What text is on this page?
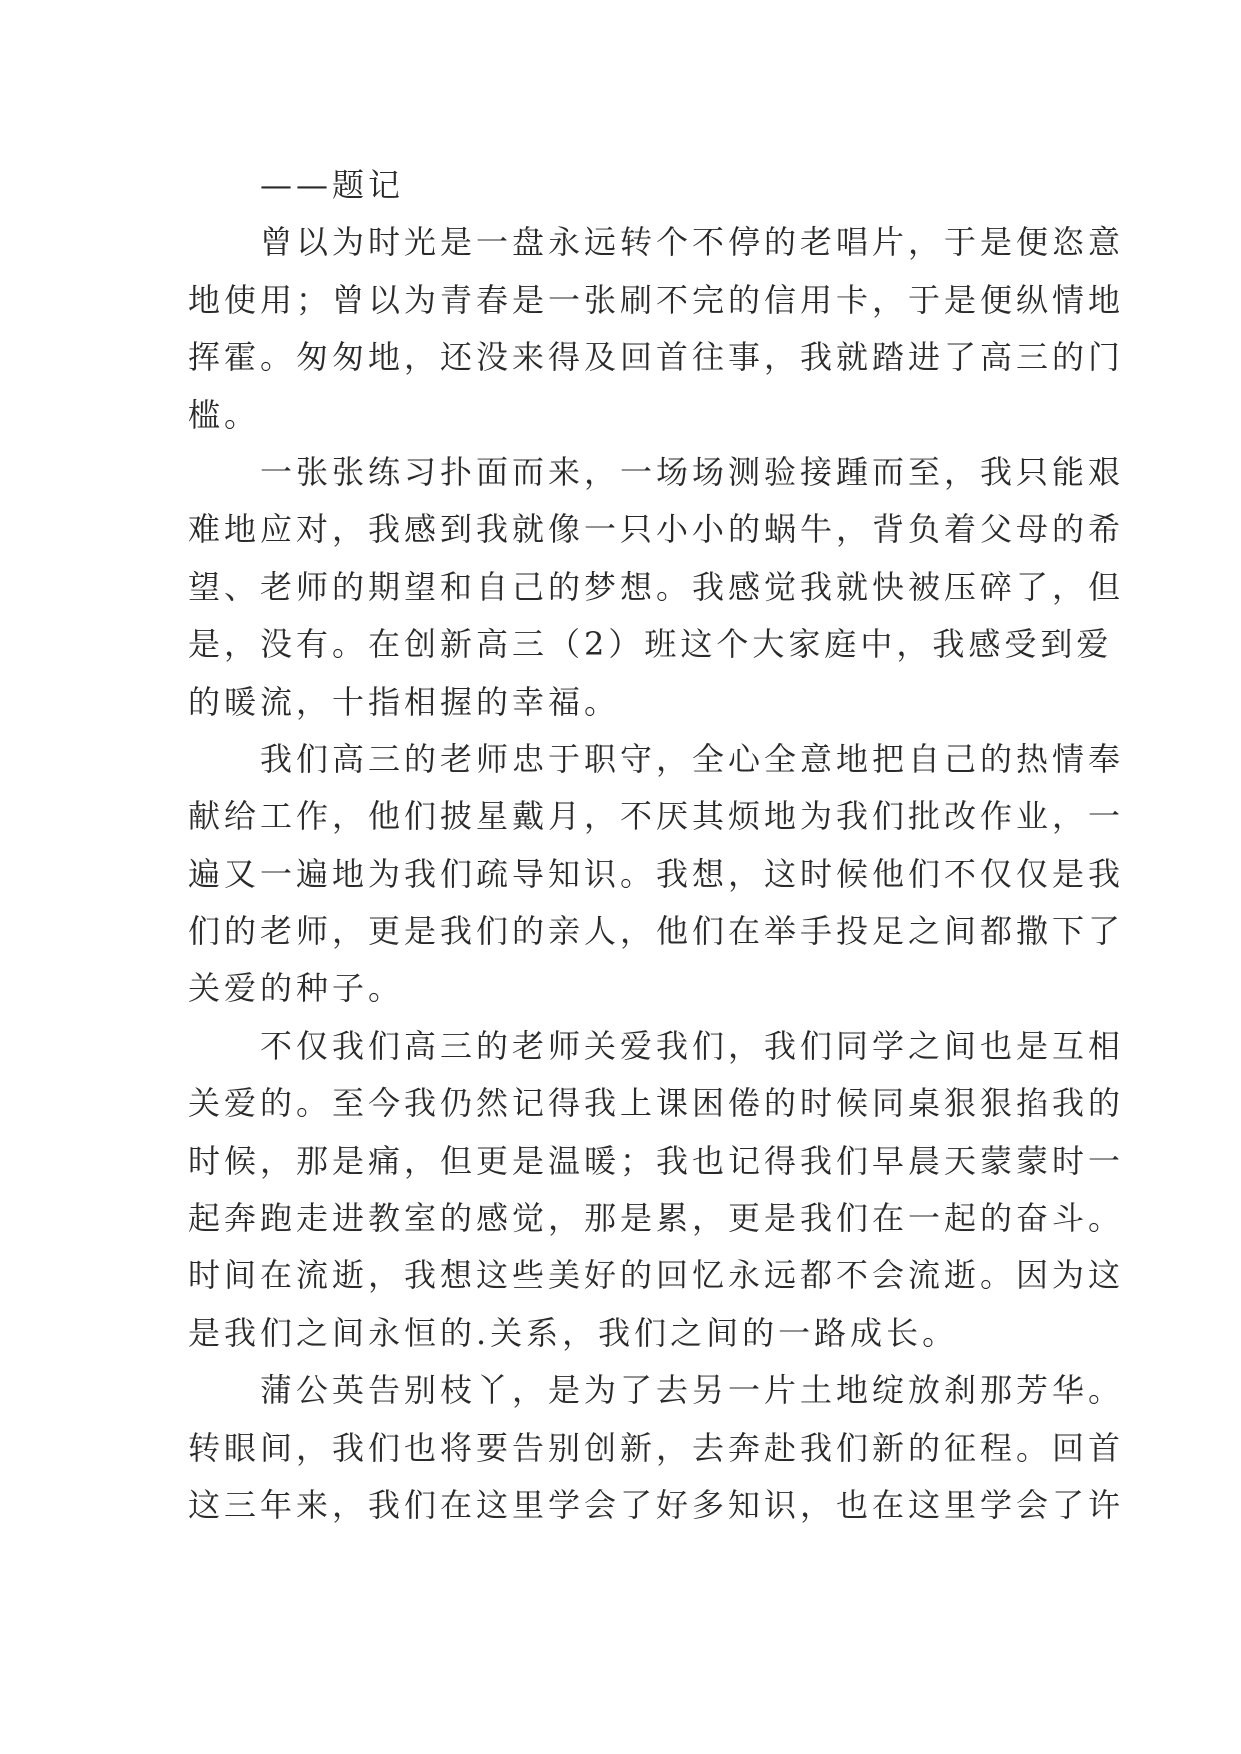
——题记
曾以为时光是一盘永远转个不停的老唱片，于是便恣意
地使用；曾以为青春是一张刷不完的信用卡，于是便纵情地
挥霍。匆匆地，还没来得及回首往事，我就踏进了高三的门
槛。
一张张练习扑面而来，一场场测验接踵而至，我只能艰
难地应对，我感到我就像一只小小的蜗牛，背负着父母的希
望、老师的期望和自己的梦想。我感觉我就快被压碎了，但
是，没有。在创新高三（2）班这个大家庭中，我感受到爱
的暖流，十指相握的幸福。
我们高三的老师忠于职守，全心全意地把自己的热情奉
献给工作，他们披星戴月，不厌其烦地为我们批改作业，一
遍又一遍地为我们疏导知识。我想，这时候他们不仅仅是我
们的老师，更是我们的亲人，他们在举手投足之间都撒下了
关爱的种子。
不仅我们高三的老师关爱我们，我们同学之间也是互相
关爱的。至今我仍然记得我上课困倦的时候同桌狠狠掐我的
时候，那是痛，但更是温暖；我也记得我们早晨天蒙蒙时一
起奔跑走进教室的感觉，那是累，更是我们在一起的奋斗。
时间在流逝，我想这些美好的回忆永远都不会流逝。因为这
是我们之间永恒的.关系，我们之间的一路成长。
蒲公英告别枝丫，是为了去另一片土地绽放刹那芳华。
转眼间，我们也将要告别创新，去奔赴我们新的征程。回首
这三年来，我们在这里学会了好多知识，也在这里学会了许
